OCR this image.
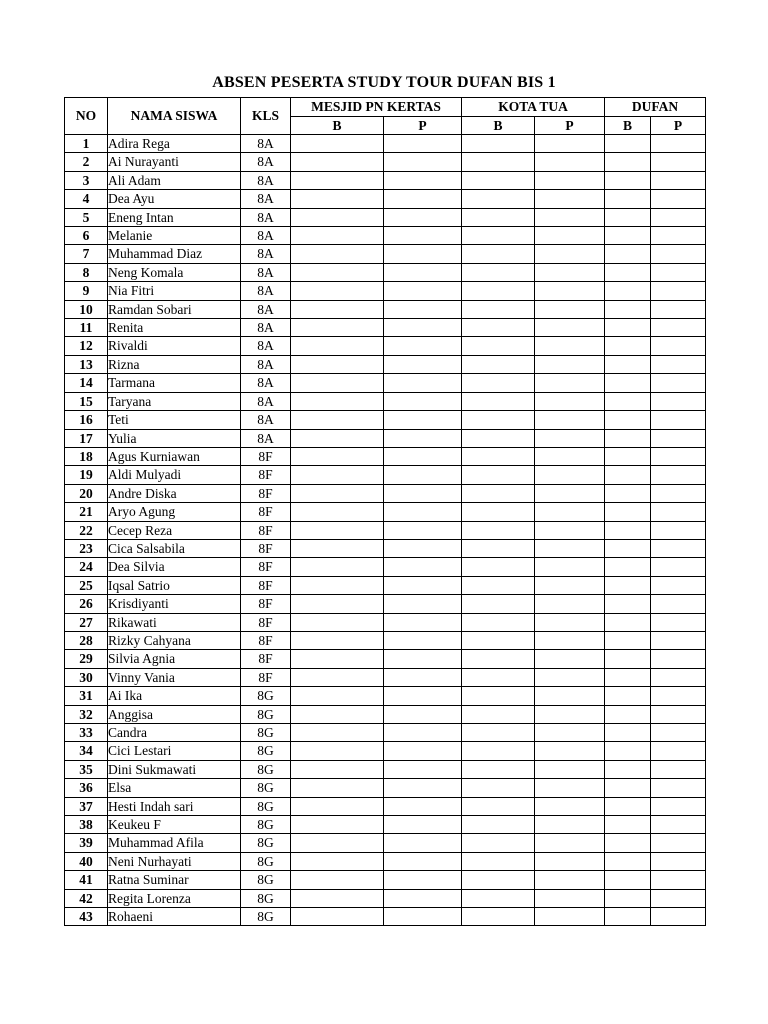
ABSEN PESERTA STUDY TOUR DUFAN BIS 1
NO	NAMA SISWA	KLS	MESJID PN KERTAS		KOTA TUA		DUFAN	
			B	P	B	P	B	P
1	Adira Rega	8A						
2	Ai Nurayanti	8A						
3	Ali Adam	8A						
4	Dea Ayu	8A						
5	Eneng Intan	8A						
6	Melanie	8A						
7	Muhammad Diaz	8A						
8	Neng Komala	8A						
9	Nia Fitri	8A						
10	Ramdan Sobari	8A						
11	Renita	8A						
12	Rivaldi	8A						
13	Rizna	8A						
14	Tarmana	8A						
15	Taryana	8A						
16	Teti	8A						
17	Yulia	8A						
18	Agus Kurniawan	8F						
19	Aldi Mulyadi	8F						
20	Andre Diska	8F						
21	Aryo Agung	8F						
22	Cecep Reza	8F						
23	Cica Salsabila	8F						
24	Dea Silvia	8F						
25	Iqsal Satrio	8F						
26	Krisdiyanti	8F						
27	Rikawati	8F						
28	Rizky Cahyana	8F						
29	Silvia Agnia	8F						
30	Vinny Vania	8F						
31	Ai Ika	8G						
32	Anggisa	8G						
33	Candra	8G						
34	Cici Lestari	8G						
35	Dini Sukmawati	8G						
36	Elsa	8G						
37	Hesti Indah sari	8G						
38	Keukeu F	8G						
39	Muhammad Afila	8G						
40	Neni Nurhayati	8G						
41	Ratna Suminar	8G						
42	Regita Lorenza	8G						
43	Rohaeni	8G						
